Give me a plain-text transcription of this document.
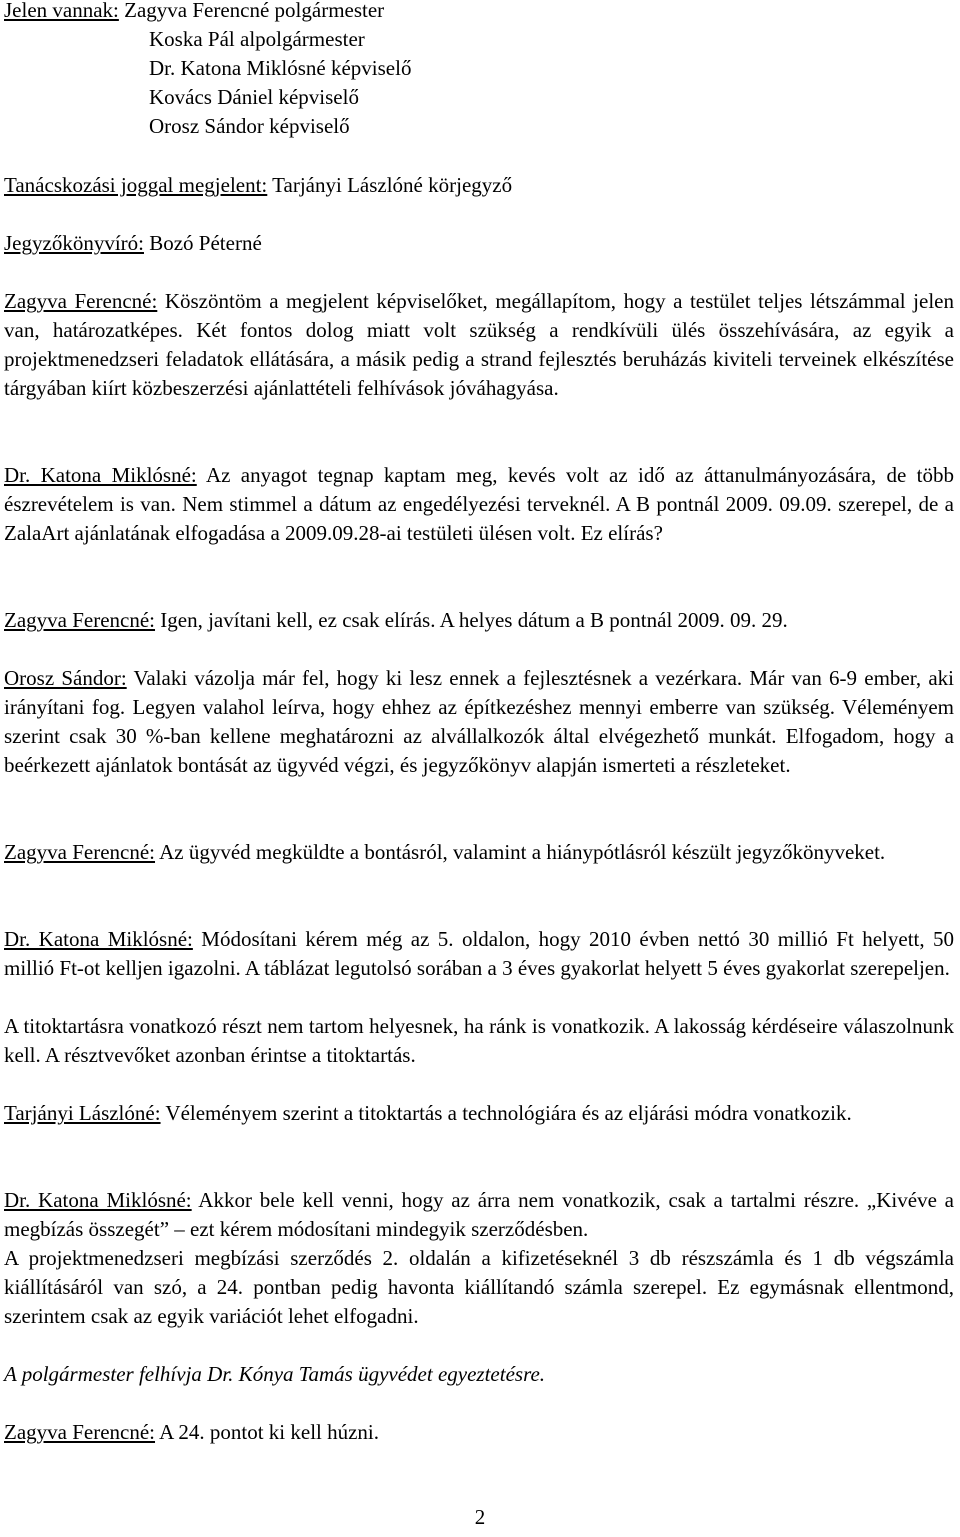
Jelen vannak: Zagyva Ferencné polgármester
Koska Pál alpolgármester
Dr. Katona Miklósné képviselő
Kovács Dániel képviselő
Orosz Sándor képviselő

Tanácskozási joggal megjelent: Tarjányi Lászlóné körjegyző

Jegyzőkönyvíró: Bozó Péterné

Zagyva Ferencné: Köszöntöm a megjelent képviselőket, megállapítom, hogy a testület teljes létszámmal jelen van, határozatképes. Két fontos dolog miatt volt szükség a rendkívüli ülés összehívására, az egyik a projektmenedzseri feladatok ellátására, a másik pedig a strand fejlesztés beruházás kiviteli terveinek elkészítése tárgyában kiírt közbeszerzési ajánlattételi felhívások jóváhagyása.

Dr. Katona Miklósné: Az anyagot tegnap kaptam meg, kevés volt az idő az áttanulmányozására, de több észrevételem is van. Nem stimmel a dátum az engedélyezési terveknél. A B pontnál 2009. 09.09. szerepel, de a ZalaArt ajánlatának elfogadása a 2009.09.28-ai testületi ülésen volt. Ez elírás?

Zagyva Ferencné: Igen, javítani kell, ez csak elírás. A helyes dátum a B pontnál 2009. 09. 29.

Orosz Sándor: Valaki vázolja már fel, hogy ki lesz ennek a fejlesztésnek a vezérkara. Már van 6-9 ember, aki irányítani fog. Legyen valahol leírva, hogy ehhez az építkezéshez mennyi emberre van szükség. Véleményem szerint csak 30 %-ban kellene meghatározni az alvállalkozók által elvégezhető munkát. Elfogadom, hogy a beérkezett ajánlatok bontását az ügyvéd végzi, és jegyzőkönyv alapján ismerteti a részleteket.

Zagyva Ferencné: Az ügyvéd megküldte a bontásról, valamint a hiánypótlásról készült jegyzőkönyveket.

Dr. Katona Miklósné: Módosítani kérem még az 5. oldalon, hogy 2010 évben nettó 30 millió Ft helyett, 50 millió Ft-ot kelljen igazolni. A táblázat legutolsó sorában a 3 éves gyakorlat helyett 5 éves gyakorlat szerepeljen.

A titoktartásra vonatkozó részt nem tartom helyesnek, ha ránk is vonatkozik. A lakosság kérdéseire válaszolnunk kell. A résztvevőket azonban érintse a titoktartás.

Tarjányi Lászlóné: Véleményem szerint a titoktartás a technológiára és az eljárási módra vonatkozik.

Dr. Katona Miklósné: Akkor bele kell venni, hogy az árra nem vonatkozik, csak a tartalmi részre. „Kivéve a megbízás összegét” – ezt kérem módosítani mindegyik szerződésben.

A projektmenedzseri megbízási szerződés 2. oldalán a kifizetéseknél 3 db részszámla és 1 db végszámla kiállításáról van szó, a 24. pontban pedig havonta kiállítandó számla szerepel. Ez egymásnak ellentmond, szerintem csak az egyik variációt lehet elfogadni.

A polgármester felhívja Dr. Kónya Tamás ügyvédet egyeztetésre.

Zagyva Ferencné: A 24. pontot ki kell húzni.

2
